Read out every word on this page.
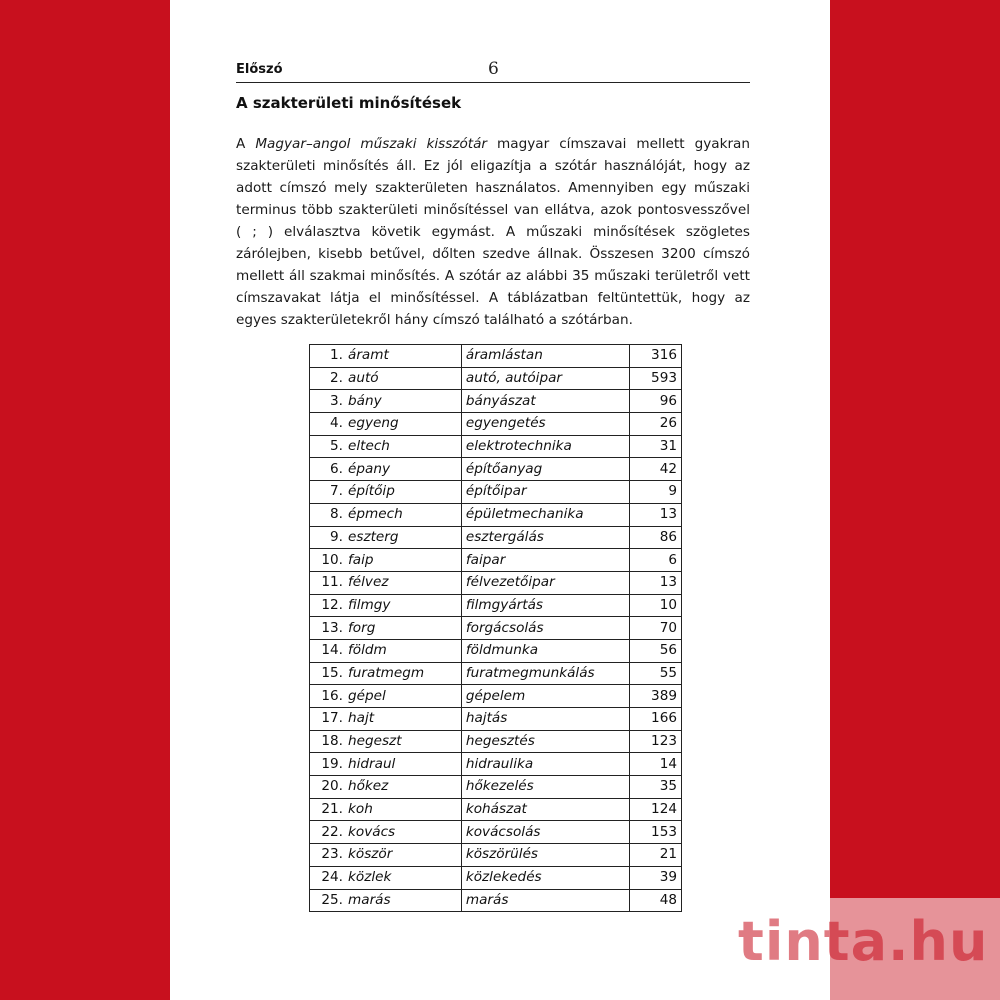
Előszó	6
A szakterületi minősítések
A Magyar–angol műszaki kisszótár magyar címszavai mellett gyakran szakterületi minősítés áll. Ez jól eligazítja a szótár használóját, hogy az adott címszó mely szakterületen használatos. Amennyiben egy műszaki terminus több szakterületi minősítéssel van ellátva, azok pontosvesszővel ( ; ) elválasztva követik egymást. A műszaki minősítések szögletes zárólejben, kisebb betűvel, dőlten szedve állnak. Összesen 3200 címszó mellett áll szakmai minősítés. A szótár az alábbi 35 műszaki területről vett címszavakat látja el minősítéssel. A táblázatban feltüntettük, hogy az egyes szakterületekről hány címszó található a szótárban.
1. áramt	áramlástan	316
2. autó	autó, autóipar	593
3. bány	bányászat	96
4. egyeng	egyengetés	26
5. eltech	elektrotechnika	31
6. épany	építőanyag	42
7. építőip	építőipar	9
8. épmech	épületmechanika	13
9. eszterg	esztergálás	86
10. faip	faipar	6
11. félvez	félvezetőipar	13
12. filmgy	filmgyártás	10
13. forg	forgácsolás	70
14. földm	földmunka	56
15. furatmegm	furatmegmunkálás	55
16. gépel	gépelem	389
17. hajt	hajtás	166
18. hegeszt	hegesztés	123
19. hidraul	hidraulika	14
20. hőkez	hőkezelés	35
21. koh	kohászat	124
22. kovács	kovácsolás	153
23. köször	köszörülés	21
24. közlek	közlekedés	39
25. marás	marás	48
tinta.hu
